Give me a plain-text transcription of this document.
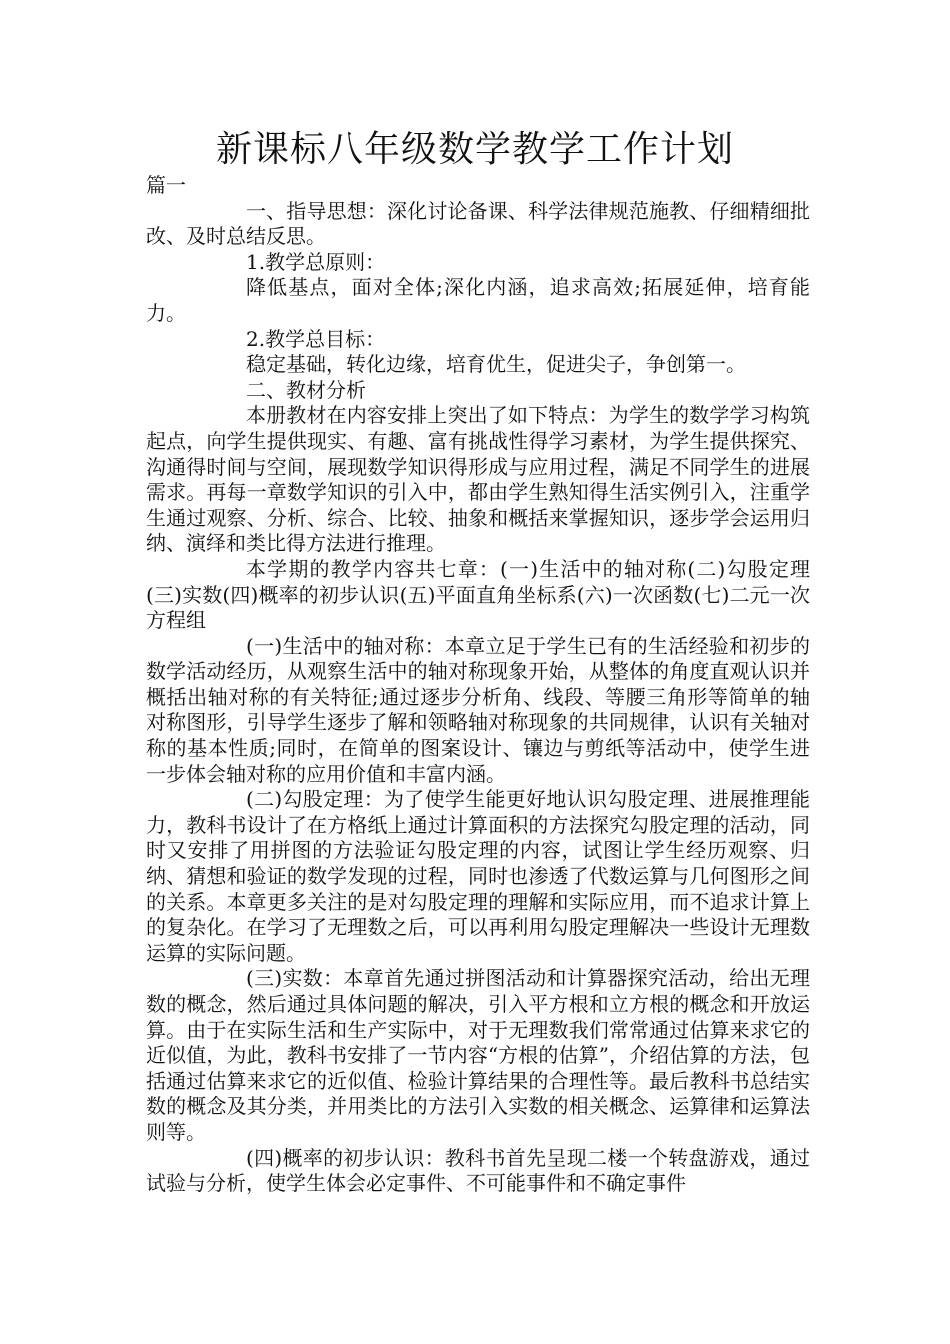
新课标八年级数学教学工作计划

篇一

一、指导思想：深化讨论备课、科学法律规范施教、仔细精细批改、及时总结反思。

1.教学总原则：

降低基点，面对全体;深化内涵，追求高效;拓展延伸，培育能力。

2.教学总目标：

稳定基础，转化边缘，培育优生，促进尖子，争创第一。

二、教材分析

本册教材在内容安排上突出了如下特点：为学生的数学学习构筑起点，向学生提供现实、有趣、富有挑战性得学习素材，为学生提供探究、沟通得时间与空间，展现数学知识得形成与应用过程，满足不同学生的进展需求。再每一章数学知识的引入中，都由学生熟知得生活实例引入，注重学生通过观察、分析、综合、比较、抽象和概括来掌握知识，逐步学会运用归纳、演绎和类比得方法进行推理。

本学期的教学内容共七章：(一)生活中的轴对称(二)勾股定理(三)实数(四)概率的初步认识(五)平面直角坐标系(六)一次函数(七)二元一次方程组

(一)生活中的轴对称：本章立足于学生已有的生活经验和初步的数学活动经历，从观察生活中的轴对称现象开始，从整体的角度直观认识并概括出轴对称的有关特征;通过逐步分析角、线段、等腰三角形等简单的轴对称图形，引导学生逐步了解和领略轴对称现象的共同规律，认识有关轴对称的基本性质;同时，在简单的图案设计、镶边与剪纸等活动中，使学生进一步体会轴对称的应用价值和丰富内涵。

(二)勾股定理：为了使学生能更好地认识勾股定理、进展推理能力，教科书设计了在方格纸上通过计算面积的方法探究勾股定理的活动，同时又安排了用拼图的方法验证勾股定理的内容，试图让学生经历观察、归纳、猜想和验证的数学发现的过程，同时也渗透了代数运算与几何图形之间的关系。本章更多关注的是对勾股定理的理解和实际应用，而不追求计算上的复杂化。在学习了无理数之后，可以再利用勾股定理解决一些设计无理数运算的实际问题。

(三)实数：本章首先通过拼图活动和计算器探究活动，给出无理数的概念，然后通过具体问题的解决，引入平方根和立方根的概念和开放运算。由于在实际生活和生产实际中，对于无理数我们常常通过估算来求它的近似值，为此，教科书安排了一节内容“方根的估算”，介绍估算的方法，包括通过估算来求它的近似值、检验计算结果的合理性等。最后教科书总结实数的概念及其分类，并用类比的方法引入实数的相关概念、运算律和运算法则等。

(四)概率的初步认识：教科书首先呈现二楼一个转盘游戏，通过试验与分析，使学生体会必定事件、不可能事件和不确定事件
